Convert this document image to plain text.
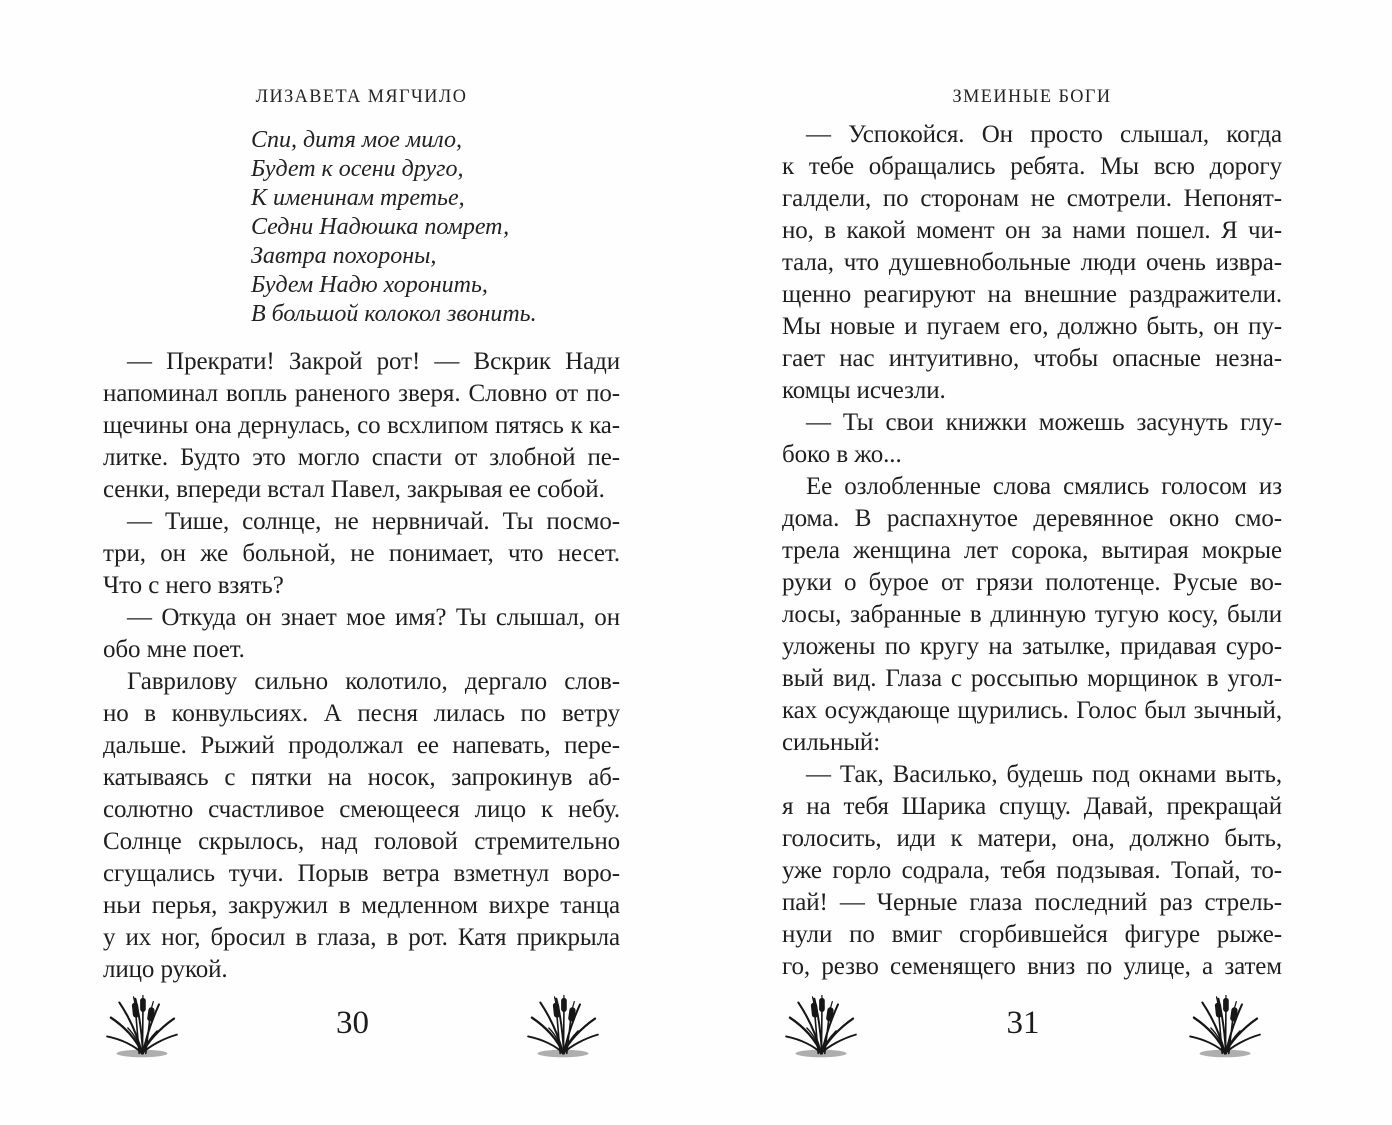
ЛИЗАВЕТА МЯГЧИЛО
Спи, дитя мое мило,
Будет к осени друго,
К именинам третье,
Седни Надюшка помрет,
Завтра похороны,
Будем Надю хоронить,
В большой колокол звонить.
— Прекрати! Закрой рот! — Вскрик Нади
напоминал вопль раненого зверя. Словно от по-
щечины она дернулась, со всхлипом пятясь к ка-
литке. Будто это могло спасти от злобной пе-
сенки, впереди встал Павел, закрывая ее собой.
— Тише, солнце, не нервничай. Ты посмо-
три, он же больной, не понимает, что несет.
Что с него взять?
— Откуда он знает мое имя? Ты слышал, он
обо мне поет.
Гаврилову сильно колотило, дергало слов-
но в конвульсиях. А песня лилась по ветру
дальше. Рыжий продолжал ее напевать, пере-
катываясь с пятки на носок, запрокинув аб-
солютно счастливое смеющееся лицо к небу.
Солнце скрылось, над головой стремительно
сгущались тучи. Порыв ветра взметнул воро-
ньи перья, закружил в медленном вихре танца
у их ног, бросил в глаза, в рот. Катя прикрыла
лицо рукой.
30
ЗМЕИНЫЕ БОГИ
— Успокойся. Он просто слышал, когда
к тебе обращались ребята. Мы всю дорогу
галдели, по сторонам не смотрели. Непонят-
но, в какой момент он за нами пошел. Я чи-
тала, что душевнобольные люди очень извра-
щенно реагируют на внешние раздражители.
Мы новые и пугаем его, должно быть, он пу-
гает нас интуитивно, чтобы опасные незна-
комцы исчезли.
— Ты свои книжки можешь засунуть глу-
боко в жо...
Ее озлобленные слова смялись голосом из
дома. В распахнутое деревянное окно смо-
трела женщина лет сорока, вытирая мокрые
руки о бурое от грязи полотенце. Русые во-
лосы, забранные в длинную тугую косу, были
уложены по кругу на затылке, придавая суро-
вый вид. Глаза с россыпью морщинок в угол-
ках осуждающе щурились. Голос был зычный,
сильный:
— Так, Василько, будешь под окнами выть,
я на тебя Шарика спущу. Давай, прекращай
голосить, иди к матери, она, должно быть,
уже горло содрала, тебя подзывая. Топай, то-
пай! — Черные глаза последний раз стрель-
нули по вмиг сгорбившейся фигуре рыже-
го, резво семенящего вниз по улице, а затем
31
